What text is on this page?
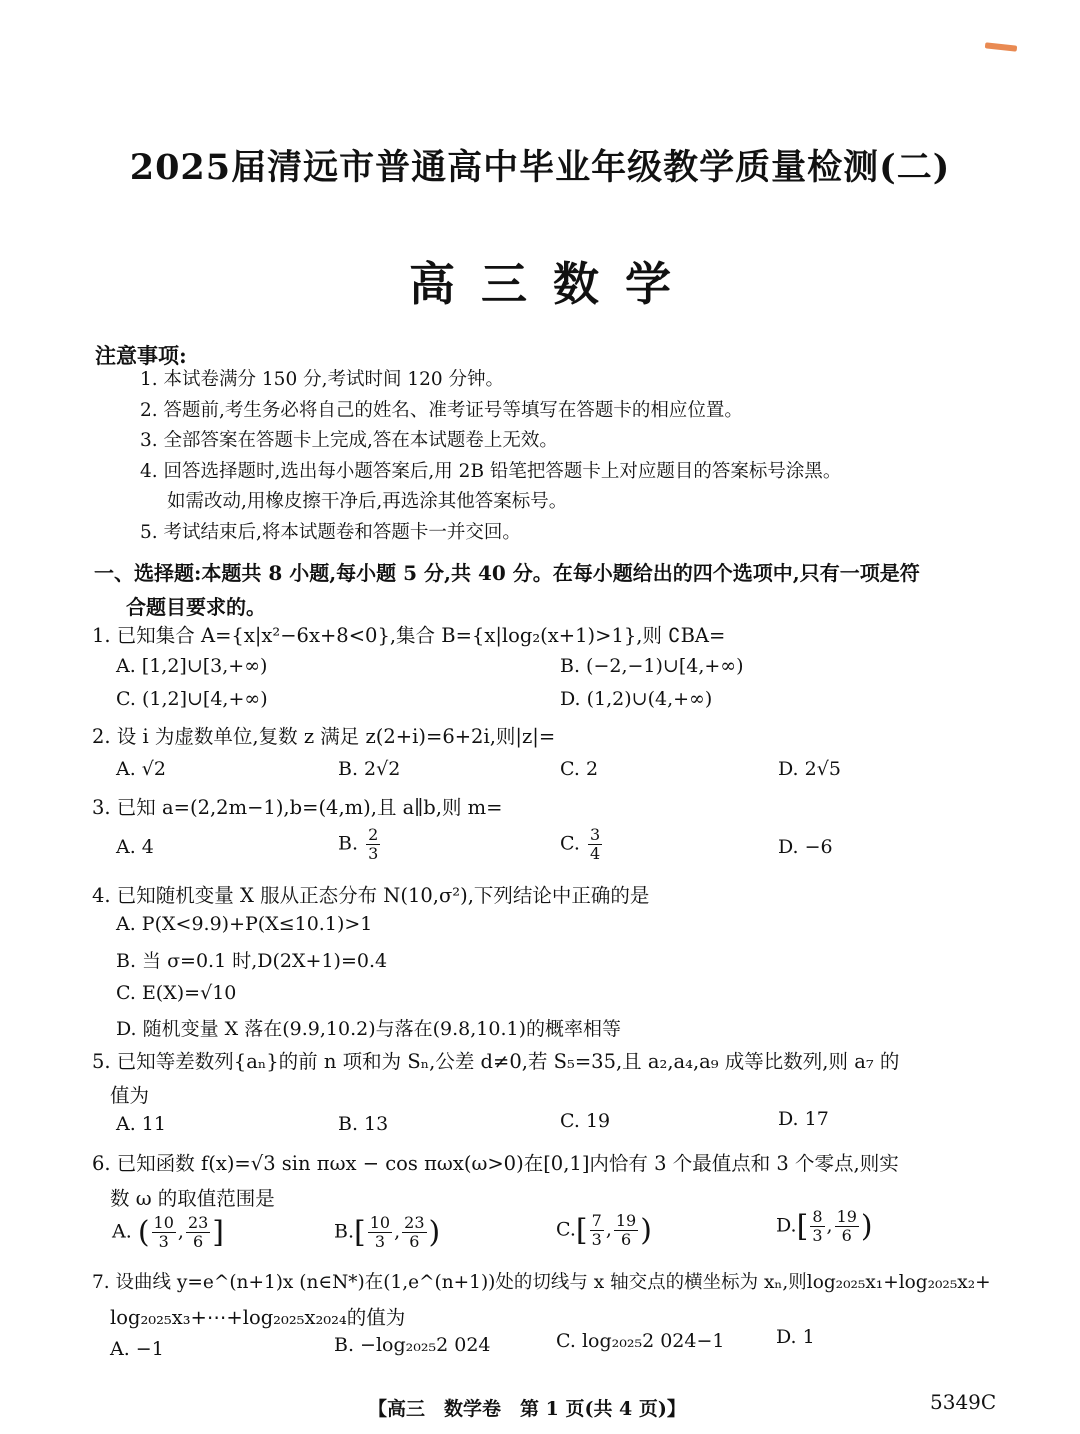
2025届清远市普通高中毕业年级教学质量检测(二)
高三数学
注意事项:
1. 本试卷满分 150 分,考试时间 120 分钟。
2. 答题前,考生务必将自己的姓名、准考证号等填写在答题卡的相应位置。
3. 全部答案在答题卡上完成,答在本试题卷上无效。
4. 回答选择题时,选出每小题答案后,用 2B 铅笔把答题卡上对应题目的答案标号涂黑。
如需改动,用橡皮擦干净后,再选涂其他答案标号。
5. 考试结束后,将本试题卷和答题卡一并交回。
一、选择题:本题共 8 小题,每小题 5 分,共 40 分。在每小题给出的四个选项中,只有一项是符
合题目要求的。
1. 已知集合 A={x|x²−6x+8<0},集合 B={x|log₂(x+1)>1},则 ∁BA=
A. [1,2]∪[3,+∞)	B. (−2,−1)∪[4,+∞)
C. (1,2]∪[4,+∞)	D. (1,2)∪(4,+∞)
2. 设 i 为虚数单位,复数 z 满足 z(2+i)=6+2i,则|z|=
A. √2	B. 2√2	C. 2	D. 2√5
3. 已知 a=(2,2m−1),b=(4,m),且 a∥b,则 m=
A. 4	B. $\frac{2}{3}$	C. $\frac{3}{4}$	D. −6
4. 已知随机变量 X 服从正态分布 N(10,σ²),下列结论中正确的是
A. P(X<9.9)+P(X≤10.1)>1
B. 当 σ=0.1 时,D(2X+1)=0.4
C. E(X)=√10
D. 随机变量 X 落在(9.9,10.2)与落在(9.8,10.1)的概率相等
5. 已知等差数列{aₙ}的前 n 项和为 Sₙ,公差 d≠0,若 S₅=35,且 a₂,a₄,a₉ 成等比数列,则 a₇ 的
值为
A. 11	B. 13	C. 19	D. 17
6. 已知函数 f(x)=√3 sin πωx − cos πωx(ω>0)在[0,1]内恰有 3 个最值点和 3 个零点,则实
数 ω 的取值范围是
A. ( $\frac{10}{3}$ , $\frac{23}{6}$ ]	$B.[ \frac{10}{3}$ , $\frac{23}{6}$ )	$C.[ \frac{7}{3}$ , $\frac{19}{6}$ )	$D.[ \frac{8}{3}$ , $\frac{19}{6}$ )
7. 设曲线 y=e^(n+1)x (n∈N*)在(1,e^(n+1))处的切线与 x 轴交点的横坐标为 xₙ,则log₂₀₂₅x₁+log₂₀₂₅x₂+
log₂₀₂₅x₃+⋯+log₂₀₂₅x₂₀₂₄的值为
A. −1	B. −log₂₀₂₅2 024	C. log₂₀₂₅2 024−1	D. 1
【高三　数学卷　第 1 页(共 4 页)】	5349C
